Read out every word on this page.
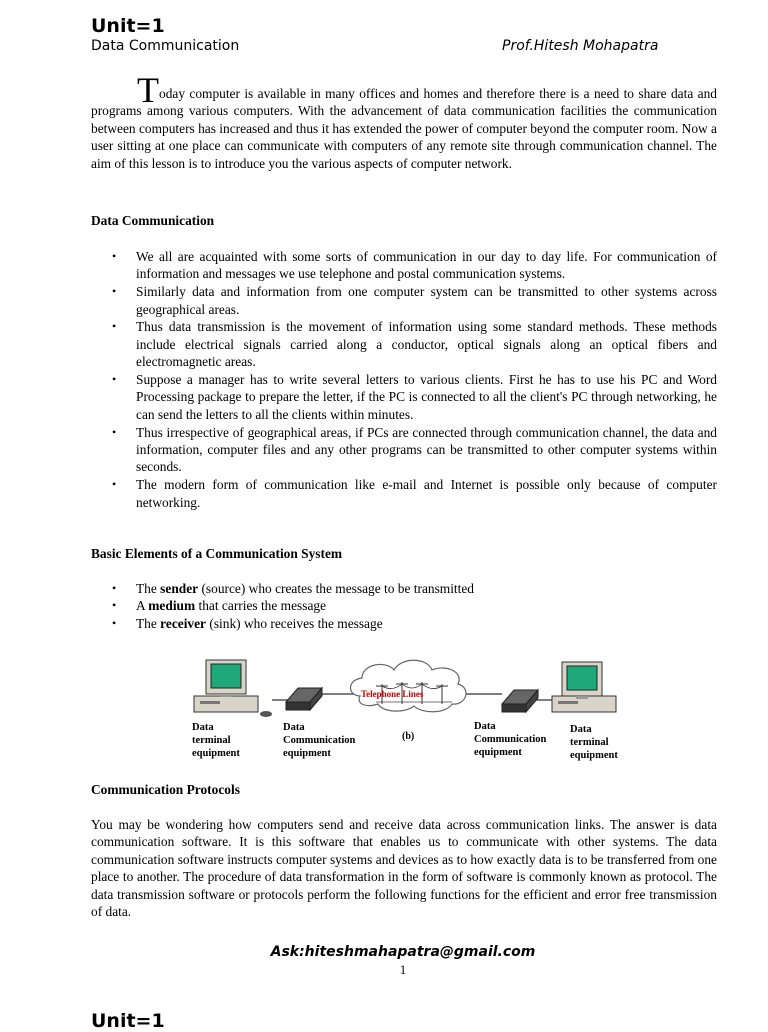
Unit=1
Data Communication	Prof.Hitesh Mohapatra
Today computer is available in many offices and homes and therefore there is a need to share data and programs among various computers. With the advancement of data communication facilities the communication between computers has increased and thus it has extended the power of computer beyond the computer room. Now a user sitting at one place can communicate with computers of any remote site through communication channel. The aim of this lesson is to introduce you the various aspects of computer network.
Data Communication
• We all are acquainted with some sorts of communication in our day to day life. For communication of information and messages we use telephone and postal communication systems.
• Similarly data and information from one computer system can be transmitted to other systems across geographical areas.
• Thus data transmission is the movement of information using some standard methods. These methods include electrical signals carried along a conductor, optical signals along an optical fibers and electromagnetic areas.
• Suppose a manager has to write several letters to various clients. First he has to use his PC and Word Processing package to prepare the letter, if the PC is connected to all the client's PC through networking, he can send the letters to all the clients within minutes.
• Thus irrespective of geographical areas, if PCs are connected through communication channel, the data and information, computer files and any other programs can be transmitted to other computer systems within seconds.
• The modern form of communication like e-mail and Internet is possible only because of computer networking.
Basic Elements of a Communication System
• The sender (source) who creates the message to be transmitted
• A medium that carries the message
• The receiver (sink) who receives the message
Telephone Lines
(b)
Data
terminal
equipment
Data
Communication
equipment
Data
Communication
equipment
Data
terminal
equipment
Communication Protocols
You may be wondering how computers send and receive data across communication links. The answer is data communication software. It is this software that enables us to communicate with other systems. The data communication software instructs computer systems and devices as to how exactly data is to be transferred from one place to another. The procedure of data transformation in the form of software is commonly known as protocol. The data transmission software or protocols perform the following functions for the efficient and error free transmission of data.
Ask:hiteshmahapatra@gmail.com
1
Unit=1
